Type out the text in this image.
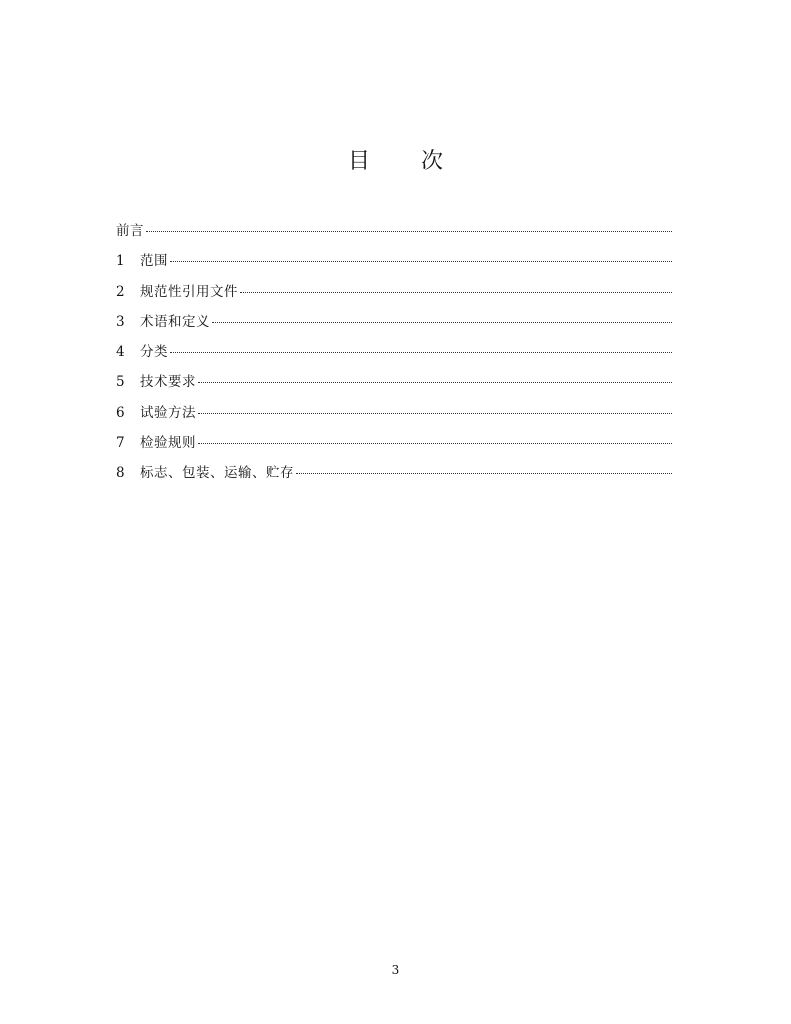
目 次
前言
1	范围
2	规范性引用文件
3	术语和定义
4	分类
5	技术要求
6	试验方法
7	检验规则
8	标志、包装、运输、贮存
3
